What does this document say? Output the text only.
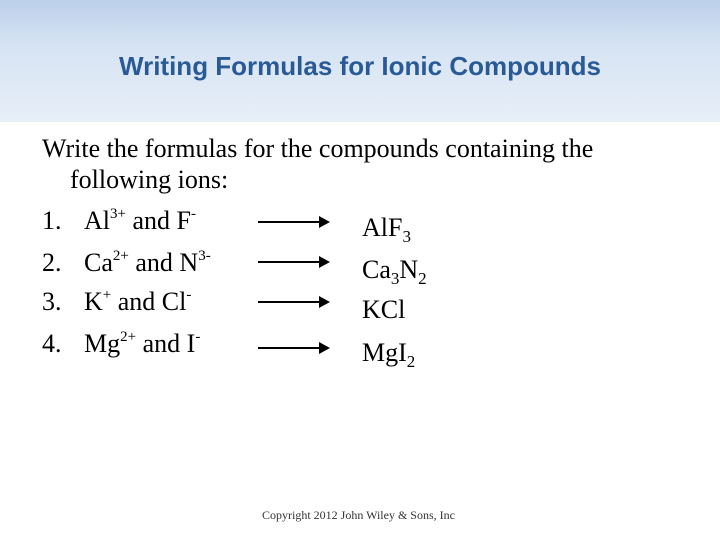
Writing Formulas for Ionic Compounds
Write the formulas for the compounds containing the
following ions:
1. $Al^{3+}$ and F-
2. $Ca^{2+}$ and $N^{3-}$
3. K+ and Cl-
4. $Mg^{2+}$ and I-
AlF$_3$
$Ca_3N_2$
KCl
MgI$_2$
Copyright 2012 John Wiley & Sons, Inc
